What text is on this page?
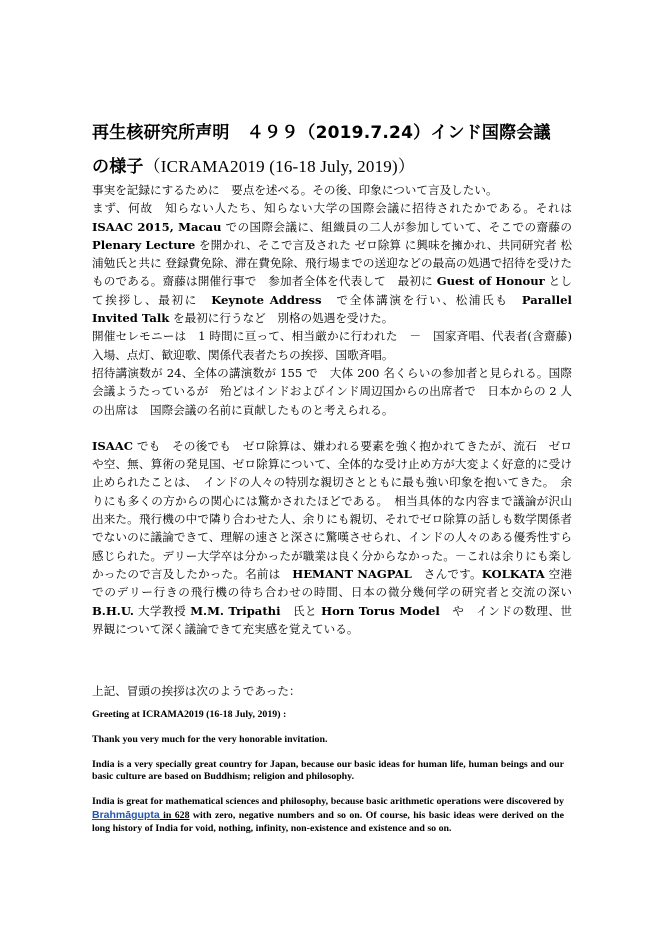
再生核研究所声明　４９９（2019.7.24）インド国際会議
の様子（ICRAMA2019 (16-18 July, 2019)）

事実を記録にするために　要点を述べる。その後、印象について言及したい。

まず、何故　知らない人たち、知らない大学の国際会議に招待されたかである。それは　ISAAC 2015, Macau での国際会議に、組織員の二人が参加していて、そこでの齋藤の Plenary Lecture を開かれ、そこで言及された ゼロ除算 に興味を擁かれ、共同研究者 松浦勉氏と共に 登録費免除、滞在費免除、飛行場までの送迎などの最高の処遇で招待を受けたものである。齋藤は開催行事で　参加者全体を代表して　最初に Guest of Honour として挨拶し、最初に　Keynote Address　で全体講演を行い、松浦氏も　Parallel Invited Talk を最初に行うなど　別格の処遇を受けた。

開催セレモニーは　1 時間に亘って、相当厳かに行われた　－　国家斉唱、代表者(含齋藤) 入場、点灯、歓迎歌、関係代表者たちの挨拶、国歌斉唱。

招待講演数が 24、全体の講演数が 155 で　大体 200 名くらいの参加者と見られる。国際会議ようたっているが　殆どはインドおよびインド周辺国からの出席者で　日本からの 2 人の出席は　国際会議の名前に貢献したものと考えられる。

ISAAC でも　その後でも　ゼロ除算は、嫌われる要素を強く抱かれてきたが、流石　ゼロや空、無、算術の発見国、ゼロ除算について、全体的な受け止め方が大変よく好意的に受け止められたことは、　インドの人々の特別な親切さとともに最も強い印象を抱いてきた。　余りにも多くの方からの関心には驚かされたほどである。　相当具体的な内容まで議論が沢山出来た。飛行機の中で隣り合わせた人、余りにも親切、それでゼロ除算の話しも数学関係者でないのに議論できて、理解の速さと深さに驚嘆させられ、インドの人々のある優秀性すら感じられた。デリー大学卒は分かったが職業は良く分からなかった。－これは余りにも楽しかったので言及したかった。名前は　HEMANT NAGPAL　さんです。KOLKATA 空港でのデリー行きの飛行機の待ち合わせの時間、日本の微分幾何学の研究者と交流の深い B.H.U. 大学教授 M.M. Tripathi　氏と Horn Torus Model　や　インドの数理、世界観について深く議論できて充実感を覚えている。

上記、冒頭の挨拶は次のようであった：

Greeting at ICRAMA2019 (16-18 July, 2019) :

Thank you very much for the very honorable invitation.

India is a very specially great country for Japan, because our basic ideas for human life, human beings and our basic culture are based on Buddhism; religion and philosophy.

India is great for mathematical sciences and philosophy, because basic arithmetic operations were discovered by Brahmāgupta in 628 with zero, negative numbers and so on. Of course, his basic ideas were derived on the long history of India for void, nothing, infinity, non-existence and existence and so on.
